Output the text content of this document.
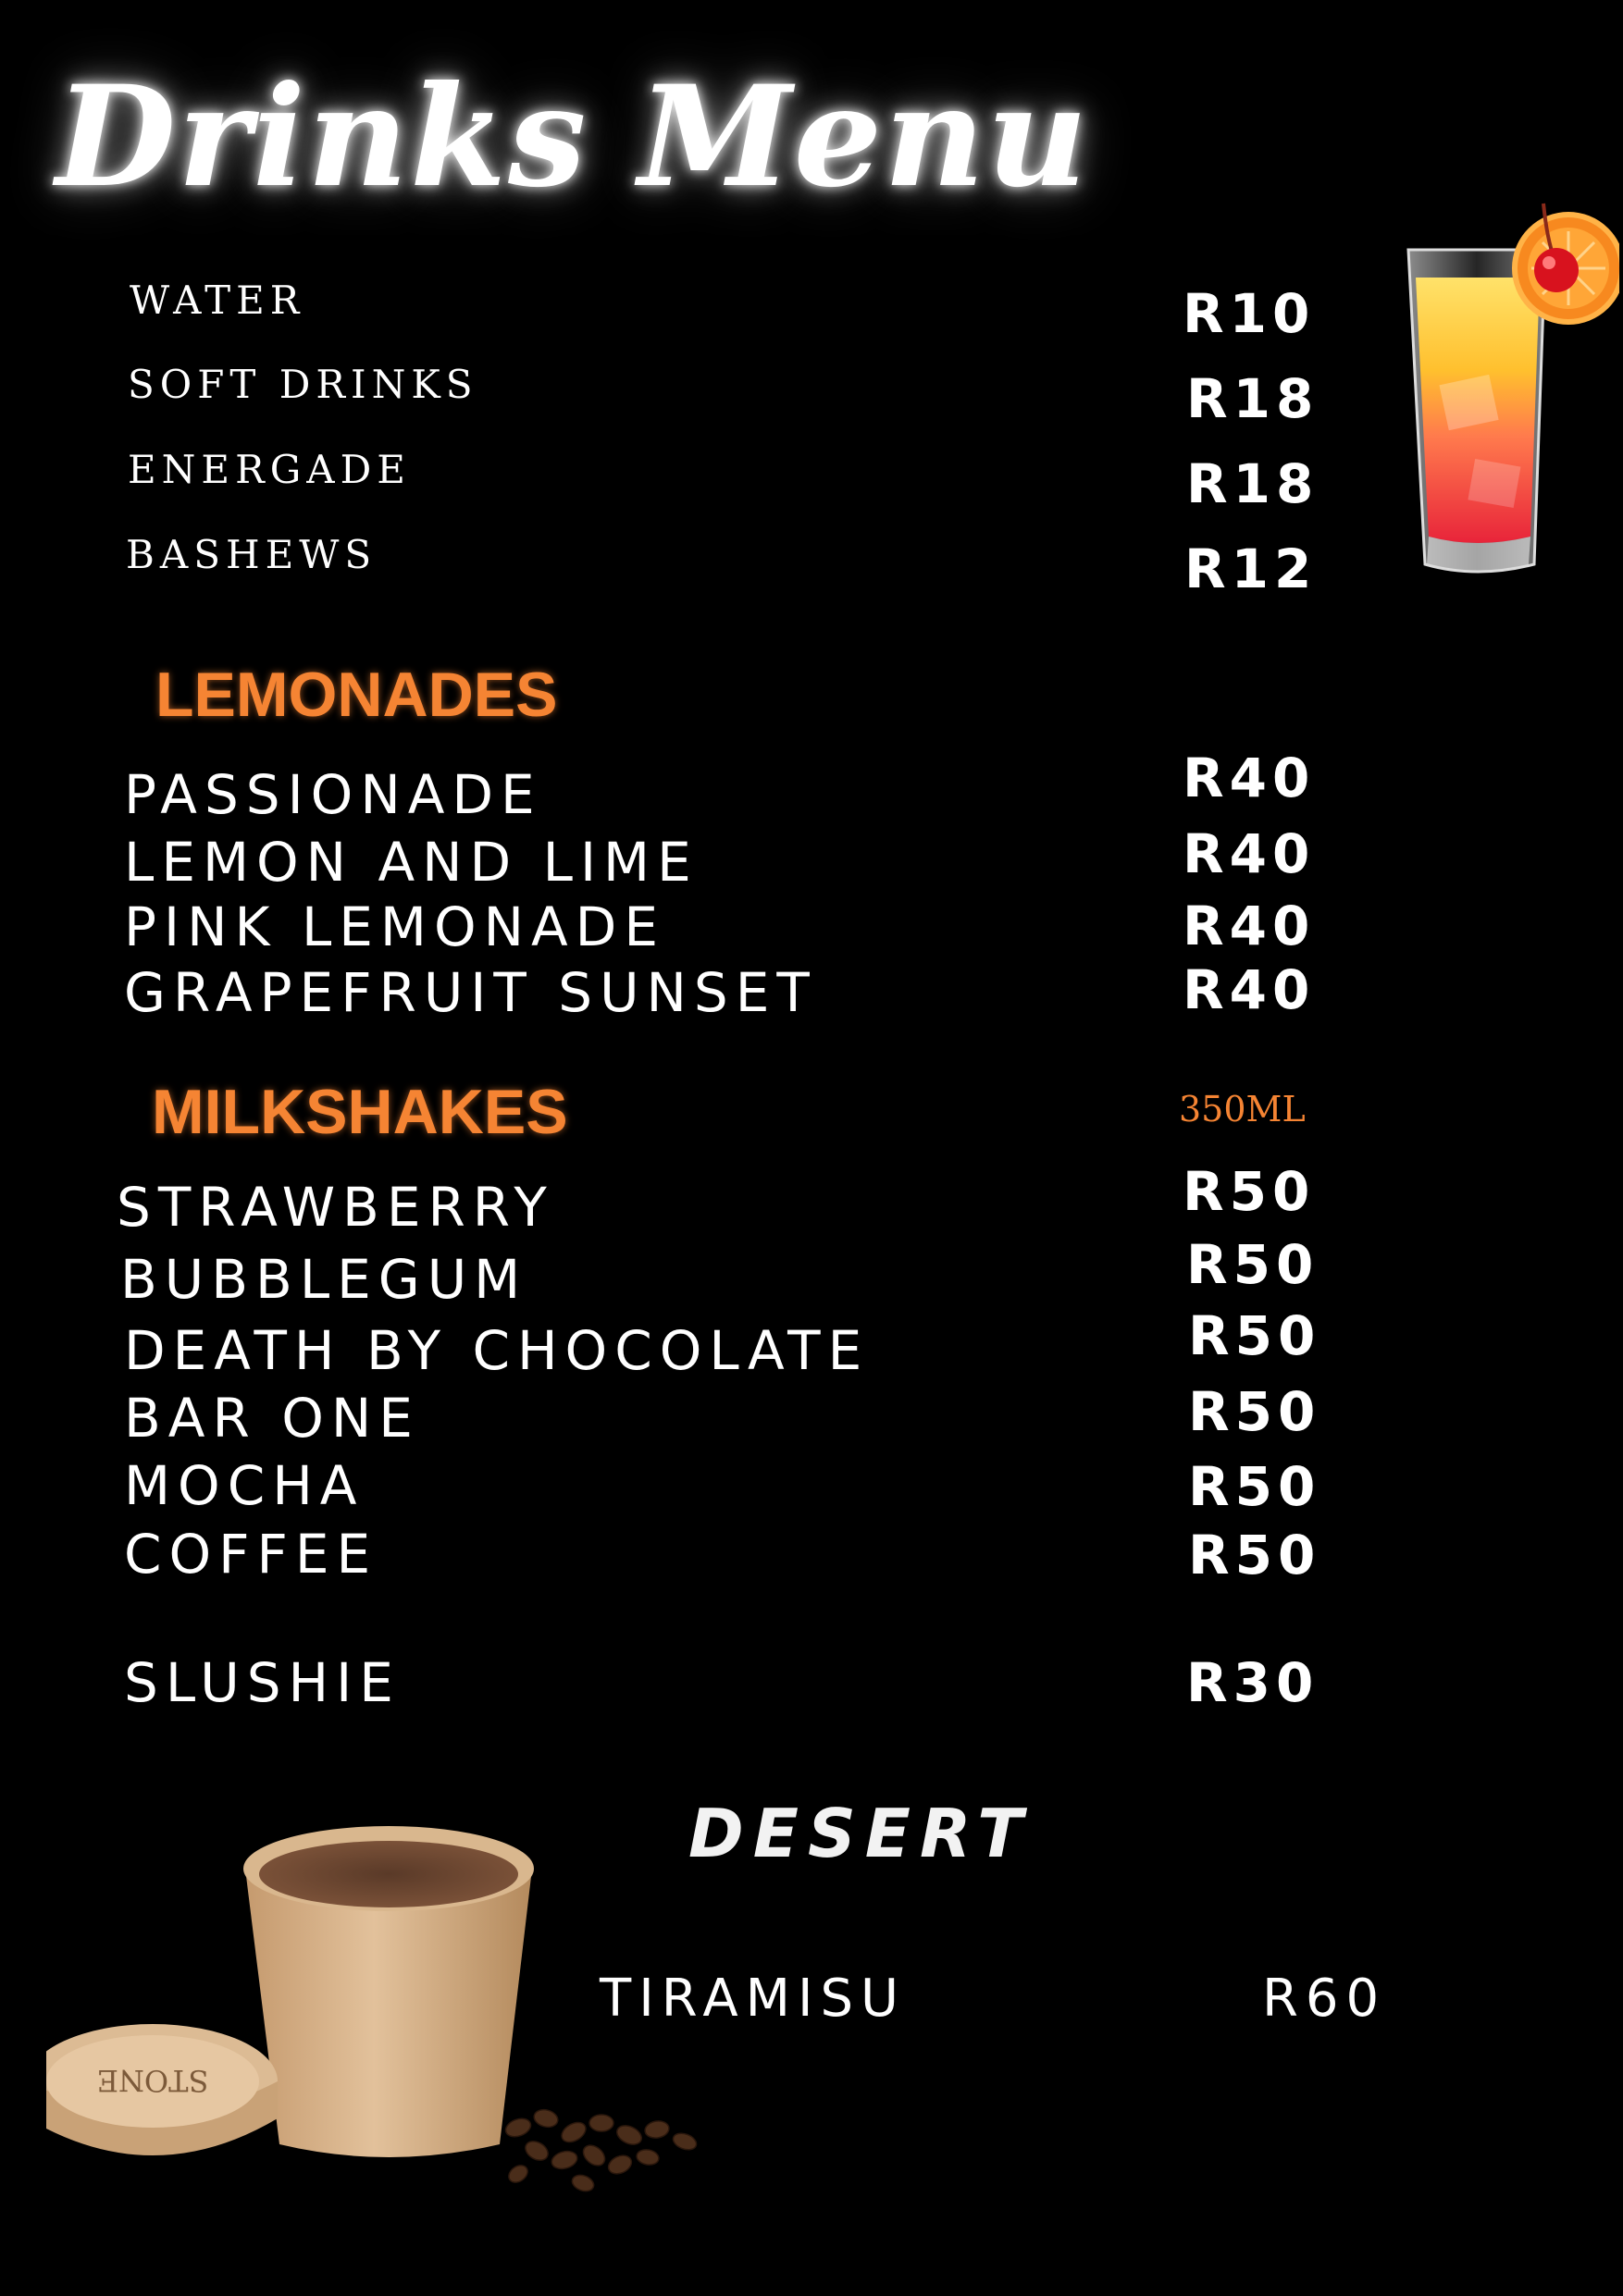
Drinks Menu
WATER	R10
SOFT DRINKS	R18
ENERGADE	R18
BASHEWS	R12
LEMONADES
PASSIONADE	R40
LEMON AND LIME	R40
PINK LEMONADE	R40
GRAPEFRUIT SUNSET	R40
MILKSHAKES	350ML
STRAWBERRY	R50
BUBBLEGUM	R50
DEATH BY CHOCOLATE	R50
BAR ONE	R50
MOCHA	R50
COFFEE	R50
SLUSHIE	R30
DESERT
TIRAMISU	R60
STONE
